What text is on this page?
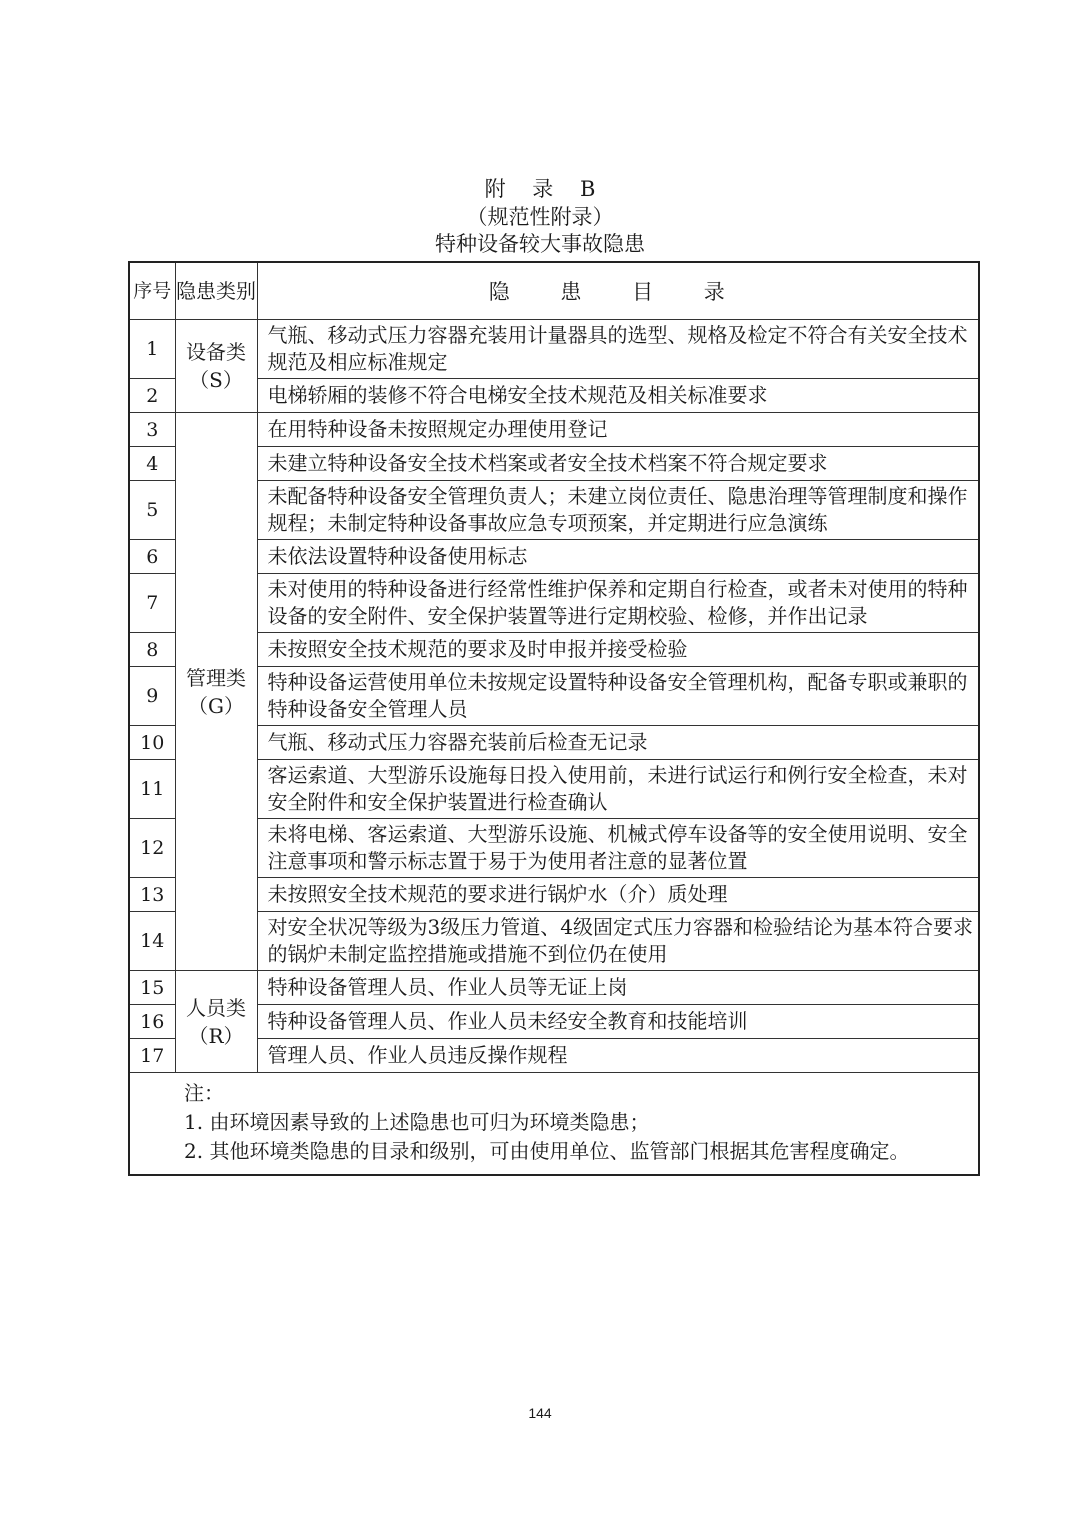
附 录 B
（规范性附录）
特种设备较大事故隐患
序号	隐患类别	隐 患 目 录
1	设备类（S）	气瓶、移动式压力容器充装用计量器具的选型、规格及检定不符合有关安全技术规范及相应标准规定
2		电梯轿厢的装修不符合电梯安全技术规范及相关标准要求
3	管理类（G）	在用特种设备未按照规定办理使用登记
4		未建立特种设备安全技术档案或者安全技术档案不符合规定要求
5		未配备特种设备安全管理负责人；未建立岗位责任、隐患治理等管理制度和操作规程；未制定特种设备事故应急专项预案，并定期进行应急演练
6		未依法设置特种设备使用标志
7		未对使用的特种设备进行经常性维护保养和定期自行检查，或者未对使用的特种设备的安全附件、安全保护装置等进行定期校验、检修，并作出记录
8		未按照安全技术规范的要求及时申报并接受检验
9		特种设备运营使用单位未按规定设置特种设备安全管理机构，配备专职或兼职的特种设备安全管理人员
10		气瓶、移动式压力容器充装前后检查无记录
11		客运索道、大型游乐设施每日投入使用前，未进行试运行和例行安全检查，未对安全附件和安全保护装置进行检查确认
12		未将电梯、客运索道、大型游乐设施、机械式停车设备等的安全使用说明、安全注意事项和警示标志置于易于为使用者注意的显著位置
13		未按照安全技术规范的要求进行锅炉水（介）质处理
14		对安全状况等级为3级压力管道、4级固定式压力容器和检验结论为基本符合要求的锅炉未制定监控措施或措施不到位仍在使用
15	人员类（R）	特种设备管理人员、作业人员等无证上岗
16		特种设备管理人员、作业人员未经安全教育和技能培训
17		管理人员、作业人员违反操作规程

注：
1. 由环境因素导致的上述隐患也可归为环境类隐患；
2. 其他环境类隐患的目录和级别，可由使用单位、监管部门根据其危害程度确定。		
144
